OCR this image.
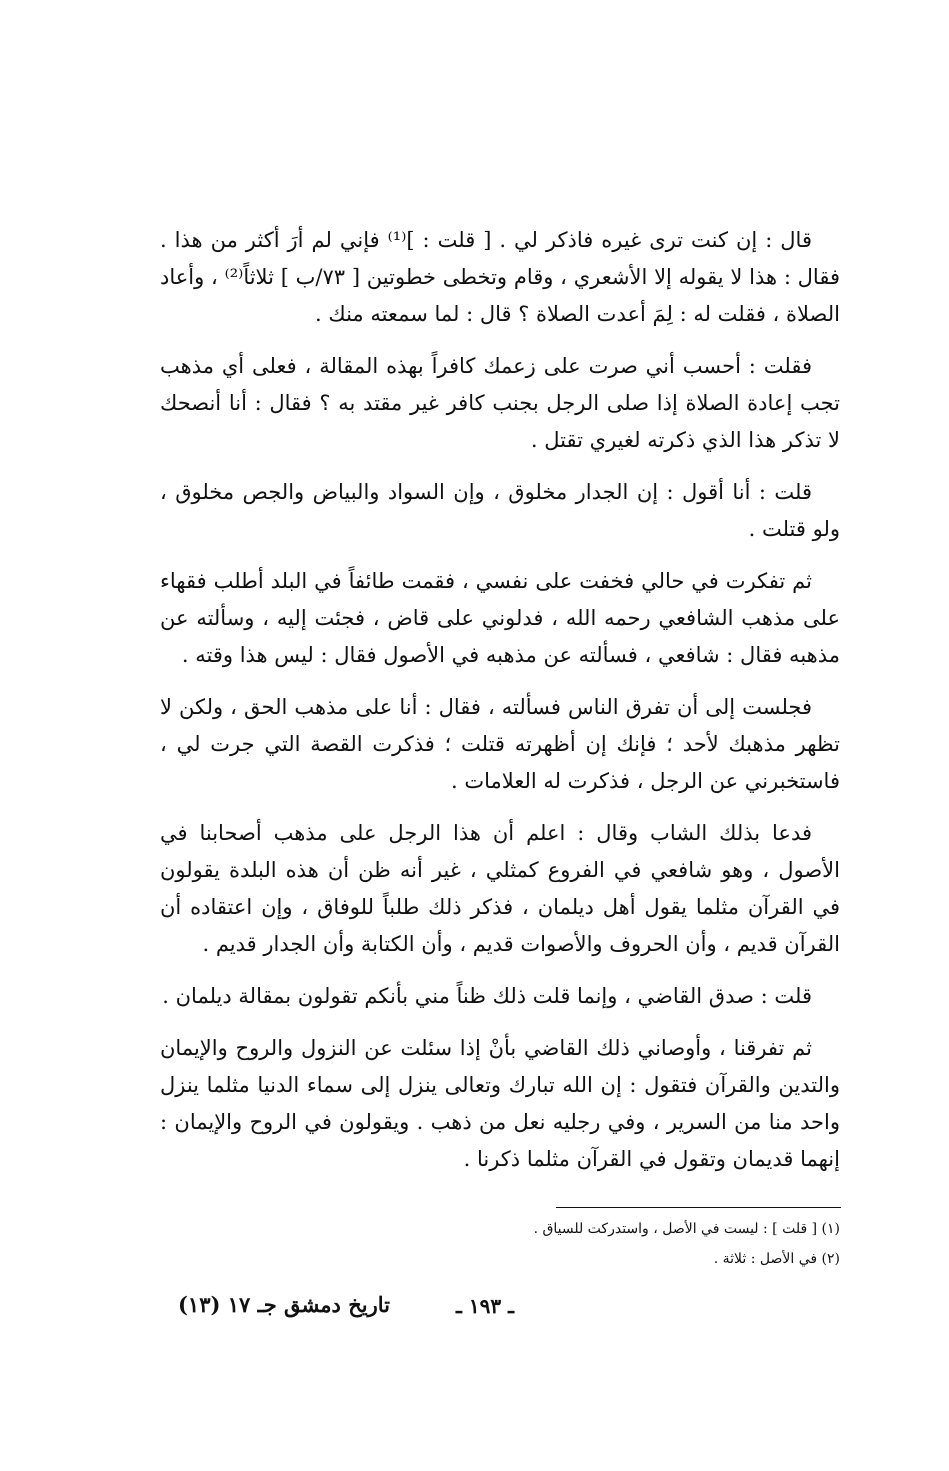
قال : إن كنت ترى غيره فاذكر لي . [ قلت : ]⁽¹⁾ فإني لم أرَ أكثر من هذا . فقال : هذا لا يقوله إلا الأشعري ، وقام وتخطى خطوتين [ ٧٣/ب ] ثلاثاً⁽²⁾ ، وأعاد الصلاة ، فقلت له : لِمَ أعدت الصلاة ؟ قال : لما سمعته منك .

فقلت : أحسب أني صرت على زعمك كافراً بهذه المقالة ، فعلى أي مذهب تجب إعادة الصلاة إذا صلى الرجل بجنب كافر غير مقتد به ؟ فقال : أنا أنصحك لا تذكر هذا الذي ذكرته لغيري تقتل .

قلت : أنا أقول : إن الجدار مخلوق ، وإن السواد والبياض والجص مخلوق ، ولو قتلت .

ثم تفكرت في حالي فخفت على نفسي ، فقمت طائفاً في البلد أطلب فقهاء على مذهب الشافعي رحمه الله ، فدلوني على قاض ، فجئت إليه ، وسألته عن مذهبه فقال : شافعي ، فسألته عن مذهبه في الأصول فقال : ليس هذا وقته .

فجلست إلى أن تفرق الناس فسألته ، فقال : أنا على مذهب الحق ، ولكن لا تظهر مذهبك لأحد ؛ فإنك إن أظهرته قتلت ؛ فذكرت القصة التي جرت لي ، فاستخبرني عن الرجل ، فذكرت له العلامات .

فدعا بذلك الشاب وقال : اعلم أن هذا الرجل على مذهب أصحابنا في الأصول ، وهو شافعي في الفروع كمثلي ، غير أنه ظن أن هذه البلدة يقولون في القرآن مثلما يقول أهل ديلمان ، فذكر ذلك طلباً للوفاق ، وإن اعتقاده أن القرآن قديم ، وأن الحروف والأصوات قديم ، وأن الكتابة وأن الجدار قديم .

قلت : صدق القاضي ، وإنما قلت ذلك ظناً مني بأنكم تقولون بمقالة ديلمان .

ثم تفرقنا ، وأوصاني ذلك القاضي بأنْ إذا سئلت عن النزول والروح والإيمان والتدين والقرآن فتقول : إن الله تبارك وتعالى ينزل إلى سماء الدنيا مثلما ينزل واحد منا من السرير ، وفي رجليه نعل من ذهب . ويقولون في الروح والإيمان : إنهما قديمان وتقول في القرآن مثلما ذكرنا .

(١) [ قلت ] : ليست في الأصل ، واستدركت للسياق .

(٢) في الأصل : ثلاثة .

ـ ١٩٣ ـ
تاريخ دمشق جـ ١٧ (١٣)
